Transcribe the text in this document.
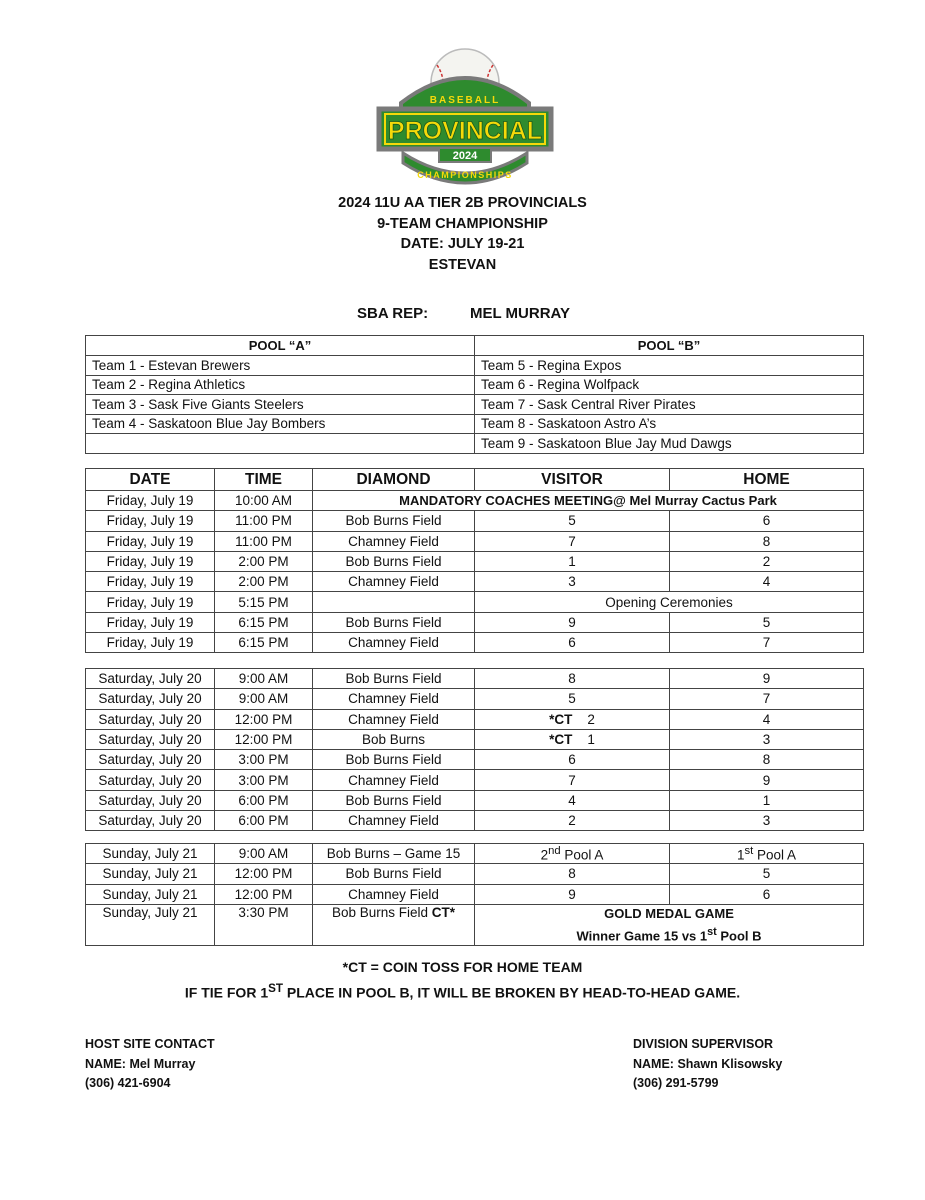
BASEBALL
PROVINCIAL
2024
CHAMPIONSHIPS
2024 11U AA TIER 2B PROVINCIALS
9-TEAM CHAMPIONSHIP
DATE: JULY 19-21
ESTEVAN
SBA REP:	MEL MURRAY
POOL “A”	POOL “B”
Team 1 - Estevan Brewers	Team 5 - Regina Expos
Team 2 - Regina Athletics	Team 6 - Regina Wolfpack
Team 3 - Sask Five Giants Steelers	Team 7 - Sask Central River Pirates
Team 4 - Saskatoon Blue Jay Bombers	Team 8 - Saskatoon Astro A’s
	Team 9 - Saskatoon Blue Jay Mud Dawgs
DATE	TIME	DIAMOND	VISITOR	HOME
Friday, July 19	10:00 AM	MANDATORY COACHES MEETING@ Mel Murray Cactus Park		
Friday, July 19	11:00 PM	Bob Burns Field	5	6
Friday, July 19	11:00 PM	Chamney Field	7	8
Friday, July 19	2:00 PM	Bob Burns Field	1	2
Friday, July 19	2:00 PM	Chamney Field	3	4
Friday, July 19	5:15 PM		Opening Ceremonies	
Friday, July 19	6:15 PM	Bob Burns Field	9	5
Friday, July 19	6:15 PM	Chamney Field	6	7
Saturday, July 20	9:00 AM	Bob Burns Field	8	9
Saturday, July 20	9:00 AM	Chamney Field	5	7
Saturday, July 20	12:00 PM	Chamney Field	*CT 2	4
Saturday, July 20	12:00 PM	Bob Burns	*CT 1	3
Saturday, July 20	3:00 PM	Bob Burns Field	6	8
Saturday, July 20	3:00 PM	Chamney Field	7	9
Saturday, July 20	6:00 PM	Bob Burns Field	4	1
Saturday, July 20	6:00 PM	Chamney Field	2	3
Sunday, July 21	9:00 AM	Bob Burns – Game 15	2nd Pool A	1st Pool A
Sunday, July 21	12:00 PM	Bob Burns Field	8	5
Sunday, July 21	12:00 PM	Chamney Field	9	6
Sunday, July 21	3:30 PM	Bob Burns Field CT*	GOLD MEDAL GAME
Winner Game 15 vs 1st Pool B	
*CT = COIN TOSS FOR HOME TEAM
IF TIE FOR 1ST PLACE IN POOL B, IT WILL BE BROKEN BY HEAD-TO-HEAD GAME.
HOST SITE CONTACT
NAME: Mel Murray
(306) 421-6904
DIVISION SUPERVISOR
NAME: Shawn Klisowsky
(306) 291-5799
